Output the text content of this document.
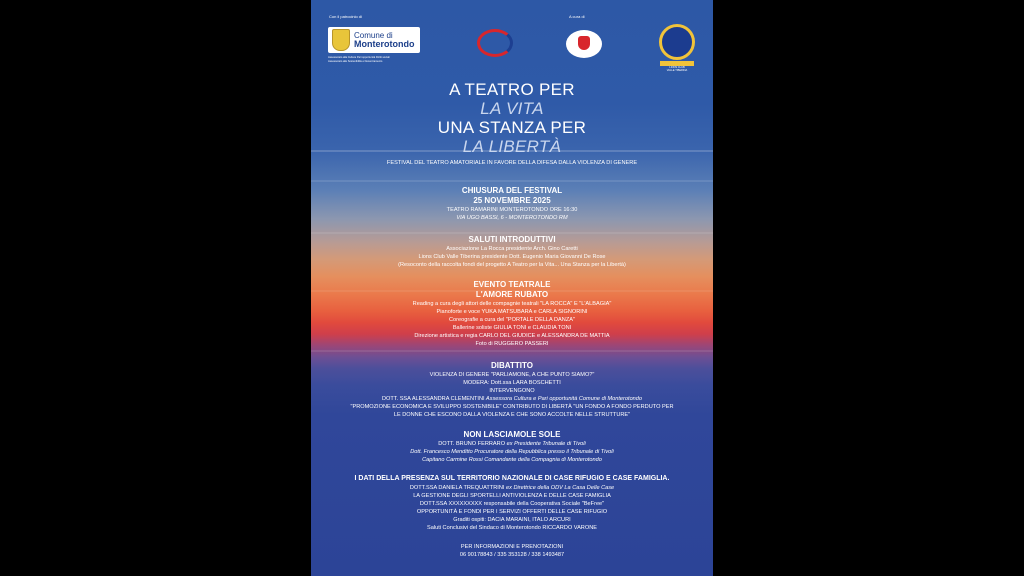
Con il patrocinio di	A cura di
Comune di
Monterotondo
Assessorato alla Cultura Pari opportunità Diritti sociali
Assessorato alle Sostenibilità e Decentramento
LIONS CLUB
VALLE TIBERINA
A TEATRO PER
LA VITA
UNA STANZA PER
LA LIBERTÀ
FESTIVAL DEL TEATRO AMATORIALE IN FAVORE DELLA DIFESA DALLA VIOLENZA DI GENERE
CHIUSURA DEL FESTIVAL
25 NOVEMBRE 2025
TEATRO RAMARINI MONTEROTONDO ORE 16:30
VIA UGO BASSI, 6 - MONTEROTONDO RM
SALUTI INTRODUTTIVI
Associazione La Rocca presidente Arch. Gino Caretti
Lions Club Valle Tiberina presidente Dott. Eugenio Maria Giovanni De Rose
(Resoconto della raccolta fondi del progetto A Teatro per la Vita... Una Stanza per la Libertà)
EVENTO TEATRALE
L'AMORE RUBATO
Reading a cura degli attori delle compagnie teatrali "LA ROCCA" E "L'ALBAGIA"
Pianoforte e voce YUKA MATSUBARA e CARLA SIGNORINI
Coreografie a cura del "PORTALE DELLA DANZA"
Ballerine soliste GIULIA TONI e CLAUDIA TONI
Direzione artistica e regia CARLO DEL GIUDICE e ALESSANDRA DE MATTIA
Foto di RUGGERO PASSERI
DIBATTITO
VIOLENZA DI GENERE "PARLIAMONE, A CHE PUNTO SIAMO?"
MODERA: Dott.ssa LARA BOSCHETTI
INTERVENGONO
DOTT. SSA ALESSANDRA CLEMENTINI Assessora Cultura e Pari opportunità Comune di Monterotondo
"PROMOZIONE ECONOMICA E SVILUPPO SOSTENIBILE" CONTRIBUTO DI LIBERTÀ "UN FONDO A FONDO PERDUTO PER
LE DONNE CHE ESCONO DALLA VIOLENZA E CHE SONO ACCOLTE NELLE STRUTTURE"
NON LASCIAMOLE SOLE
DOTT. BRUNO FERRARO ex Presidente Tribunale di Tivoli
Dott. Francesco Menditto Procuratore della Repubblica presso il Tribunale di Tivoli
Capitano Carmine Rossi Comandante della Compagnia di Monterotondo
I DATI DELLA PRESENZA SUL TERRITORIO NAZIONALE DI CASE RIFUGIO E CASE FAMIGLIA.
DOTT.SSA DANIELA TREQUATTRINI ex Direttrice della ODV La Casa Delle Case
LA GESTIONE DEGLI SPORTELLI ANTIVIOLENZA E DELLE CASE FAMIGLIA
DOTT.SSA XXXXXXXXX responsabile della Cooperativa Sociale "BeFree"
OPPORTUNITÀ E FONDI PER I SERVIZI OFFERTI DELLE CASE RIFUGIO
Graditi ospiti: DACIA MARAINI, ITALO ARCURI
Saluti Conclusivi del Sindaco di Monterotondo RICCARDO VARONE
PER INFORMAZIONI E PRENOTAZIONI
06 90178843 / 335 353128 / 338 1493487
